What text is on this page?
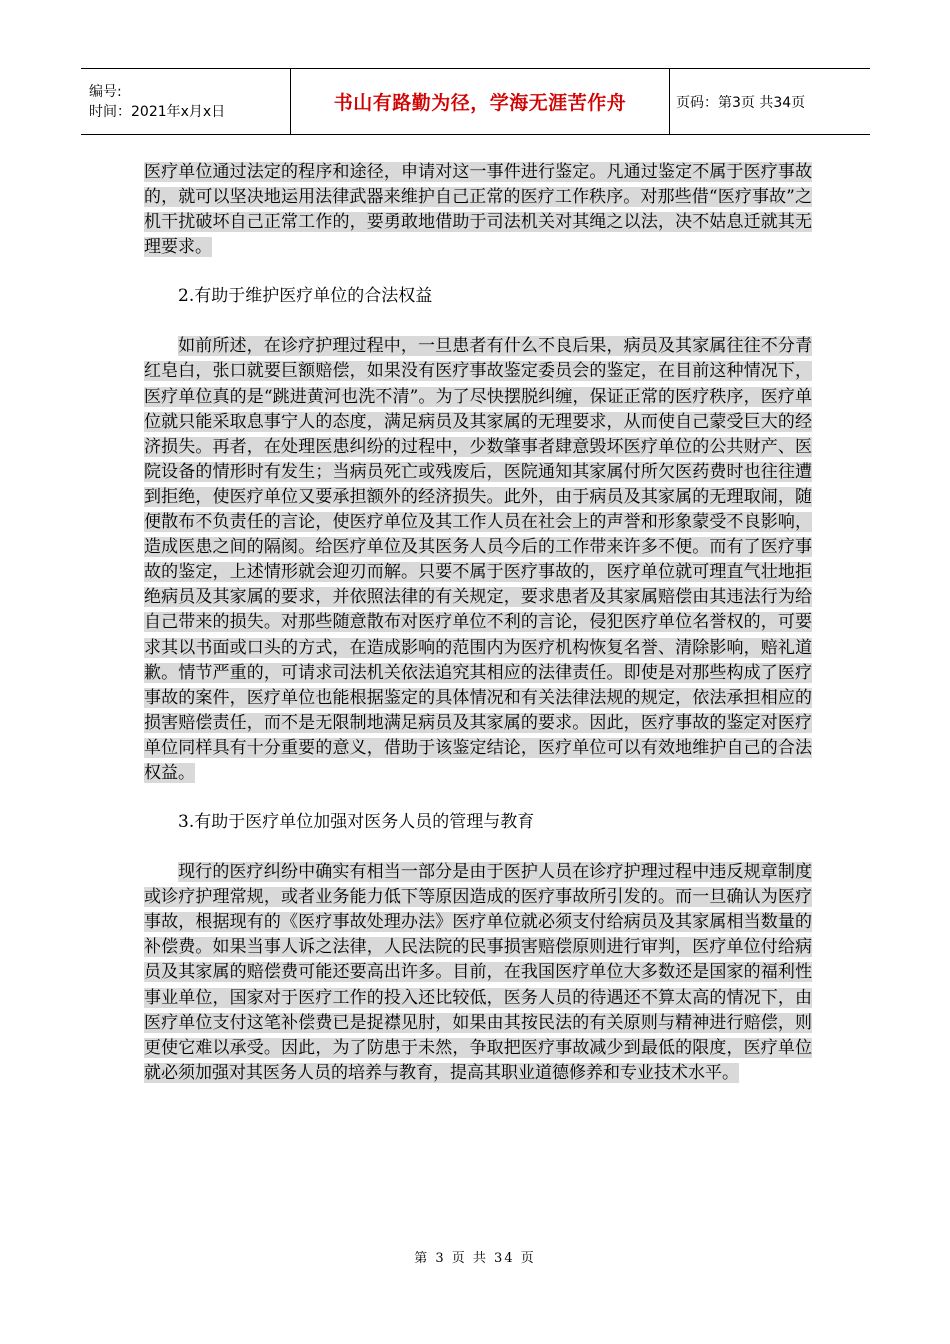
编号:
时间：2021年x月x日	书山有路勤为径，学海无涯苦作舟	页码：第3页 共34页

医疗单位通过法定的程序和途径，申请对这一事件进行鉴定。凡通过鉴定不属于医疗事故的，就可以坚决地运用法律武器来维护自己正常的医疗工作秩序。对那些借“医疗事故”之机干扰破坏自己正常工作的，要勇敢地借助于司法机关对其绳之以法，决不姑息迁就其无理要求。

2.有助于维护医疗单位的合法权益

如前所述，在诊疗护理过程中，一旦患者有什么不良后果，病员及其家属往往不分青红皂白，张口就要巨额赔偿，如果没有医疗事故鉴定委员会的鉴定，在目前这种情况下，医疗单位真的是“跳进黄河也洗不清”。为了尽快摆脱纠缠，保证正常的医疗秩序，医疗单位就只能采取息事宁人的态度，满足病员及其家属的无理要求，从而使自己蒙受巨大的经济损失。再者，在处理医患纠纷的过程中，少数肇事者肆意毁坏医疗单位的公共财产、医院设备的情形时有发生；当病员死亡或残废后，医院通知其家属付所欠医药费时也往往遭到拒绝，使医疗单位又要承担额外的经济损失。此外，由于病员及其家属的无理取闹，随便散布不负责任的言论，使医疗单位及其工作人员在社会上的声誉和形象蒙受不良影响，造成医患之间的隔阂。给医疗单位及其医务人员今后的工作带来许多不便。而有了医疗事故的鉴定，上述情形就会迎刃而解。只要不属于医疗事故的，医疗单位就可理直气壮地拒绝病员及其家属的要求，并依照法律的有关规定，要求患者及其家属赔偿由其违法行为给自己带来的损失。对那些随意散布对医疗单位不利的言论，侵犯医疗单位名誉权的，可要求其以书面或口头的方式，在造成影响的范围内为医疗机构恢复名誉、清除影响，赔礼道歉。情节严重的，可请求司法机关依法追究其相应的法律责任。即使是对那些构成了医疗事故的案件，医疗单位也能根据鉴定的具体情况和有关法律法规的规定，依法承担相应的损害赔偿责任，而不是无限制地满足病员及其家属的要求。因此，医疗事故的鉴定对医疗单位同样具有十分重要的意义，借助于该鉴定结论，医疗单位可以有效地维护自己的合法权益。

3.有助于医疗单位加强对医务人员的管理与教育

现行的医疗纠纷中确实有相当一部分是由于医护人员在诊疗护理过程中违反规章制度或诊疗护理常规，或者业务能力低下等原因造成的医疗事故所引发的。而一旦确认为医疗事故，根据现有的《医疗事故处理办法》医疗单位就必须支付给病员及其家属相当数量的补偿费。如果当事人诉之法律，人民法院的民事损害赔偿原则进行审判，医疗单位付给病员及其家属的赔偿费可能还要高出许多。目前，在我国医疗单位大多数还是国家的福利性事业单位，国家对于医疗工作的投入还比较低，医务人员的待遇还不算太高的情况下，由医疗单位支付这笔补偿费已是捉襟见肘，如果由其按民法的有关原则与精神进行赔偿，则更使它难以承受。因此，为了防患于未然，争取把医疗事故减少到最低的限度，医疗单位就必须加强对其医务人员的培养与教育，提高其职业道德修养和专业技术水平。

第 3 页 共 34 页
